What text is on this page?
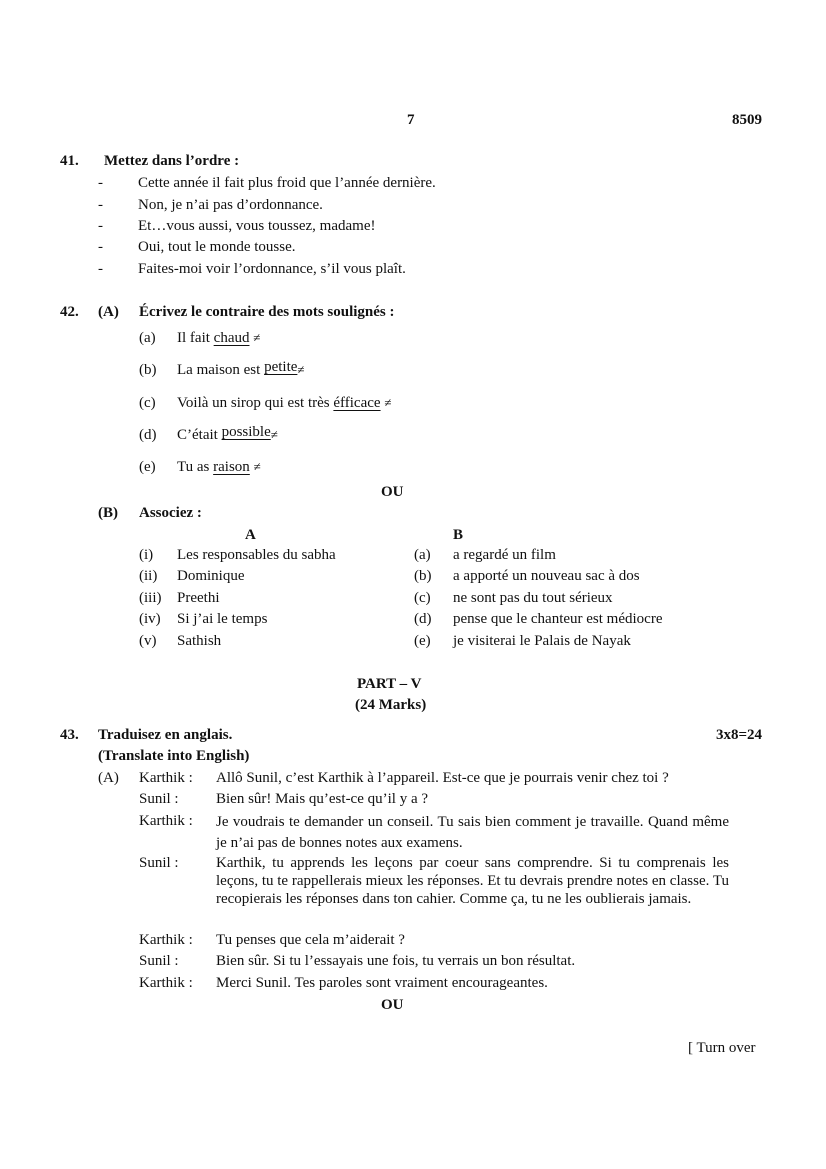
7	8509
41. Mettez dans l’ordre :
- Cette année il fait plus froid que l’année dernière.
- Non, je n’ai pas d’ordonnance.
- Et…vous aussi, vous toussez, madame!
- Oui, tout le monde tousse.
- Faites-moi voir l’ordonnance, s’il vous plaît.
42. (A) Écrivez le contraire des mots soulignés :
(a) Il fait chaud ≠
(b) La maison est petite≠
(c) Voilà un sirop qui est très éfficace ≠
(d) C’était possible≠
(e) Tu as raison ≠
OU
(B) Associez :
A	B
(i) Les responsables du sabha	(a) a regardé un film
(ii) Dominique	(b) a apporté un nouveau sac à dos
(iii) Preethi	(c) ne sont pas du tout sérieux
(iv) Si j’ai le temps	(d) pense que le chanteur est médiocre
(v) Sathish	(e) je visiterai le Palais de Nayak
PART – V
(24 Marks)
43. Traduisez en anglais.	3x8=24
(Translate into English)
(A) Karthik : Allô Sunil, c’est Karthik à l’appareil. Est-ce que je pourrais venir chez toi ?
Sunil : Bien sûr! Mais qu’est-ce qu’il y a ?
Karthik : Je voudrais te demander un conseil. Tu sais bien comment je travaille. Quand même je n’ai pas de bonnes notes aux examens.
Sunil : Karthik, tu apprends les leçons par coeur sans comprendre. Si tu comprenais les leçons, tu te rappellerais mieux les réponses. Et tu devrais prendre notes en classe. Tu recopierais les réponses dans ton cahier. Comme ça, tu ne les oublierais jamais.
Karthik : Tu penses que cela m’aiderait ?
Sunil : Bien sûr. Si tu l’essayais une fois, tu verrais un bon résultat.
Karthik : Merci Sunil. Tes paroles sont vraiment encourageantes.
OU
[ Turn over
